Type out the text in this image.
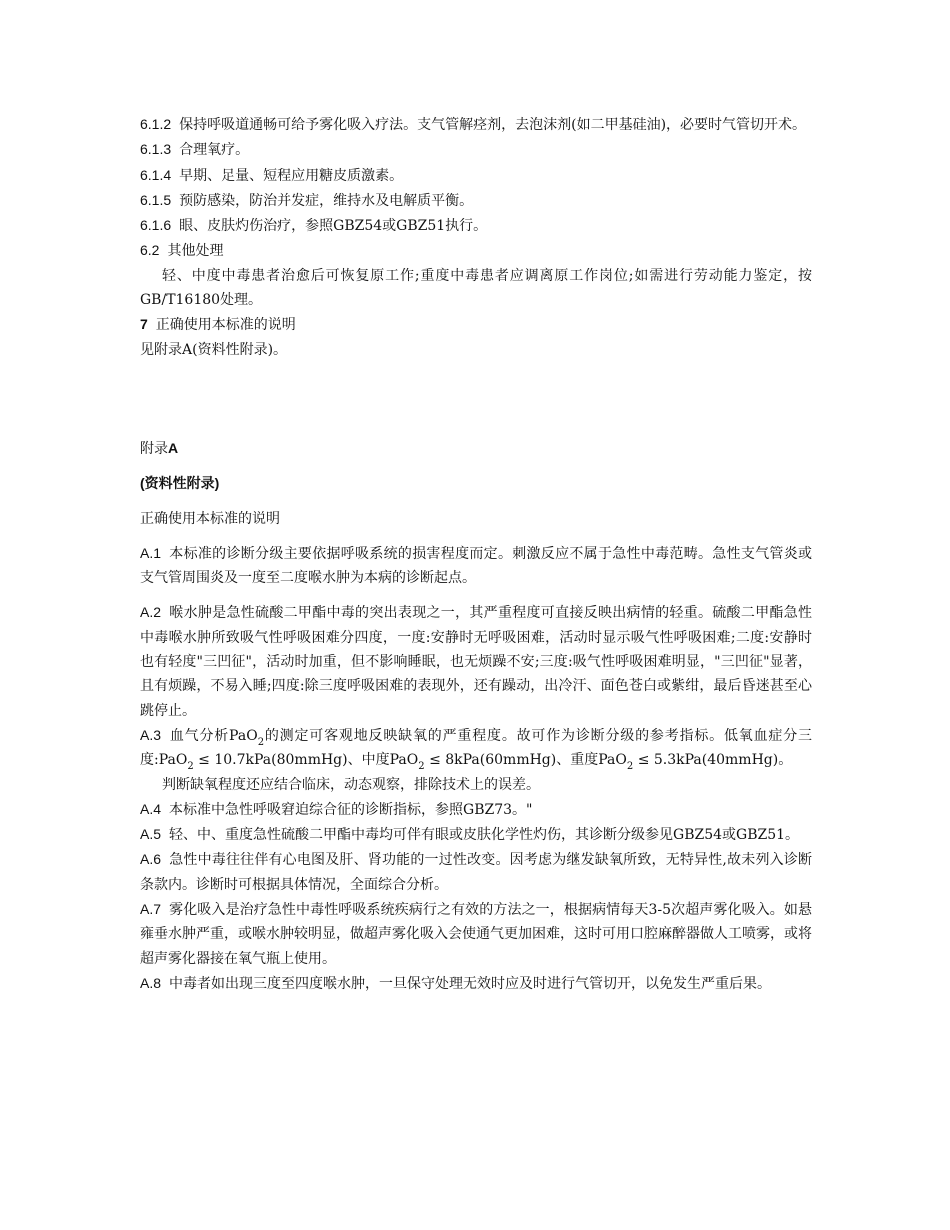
6.1.2 保持呼吸道通畅可给予雾化吸入疗法。支气管解痉剂，去泡沫剂(如二甲基硅油)，必要时气管切开术。
6.1.3 合理氧疗。
6.1.4 早期、足量、短程应用糖皮质激素。
6.1.5 预防感染，防治并发症，维持水及电解质平衡。
6.1.6 眼、皮肤灼伤治疗，参照GBZ54或GBZ51执行。
6.2 其他处理
轻、中度中毒患者治愈后可恢复原工作;重度中毒患者应调离原工作岗位;如需进行劳动能力鉴定，按GB/T16180处理。
7 正确使用本标准的说明
见附录A(资料性附录)。
附录A
(资料性附录)
正确使用本标准的说明
A.1 本标准的诊断分级主要依据呼吸系统的损害程度而定。刺激反应不属于急性中毒范畴。急性支气管炎或支气管周围炎及一度至二度喉水肿为本病的诊断起点。
A.2 喉水肿是急性硫酸二甲酯中毒的突出表现之一，其严重程度可直接反映出病情的轻重。硫酸二甲酯急性中毒喉水肿所致吸气性呼吸困难分四度，一度:安静时无呼吸困难，活动时显示吸气性呼吸困难;二度:安静时也有轻度"三凹征"，活动时加重，但不影响睡眠，也无烦躁不安;三度:吸气性呼吸困难明显，"三凹征"显著，且有烦躁，不易入睡;四度:除三度呼吸困难的表现外，还有躁动，出冷汗、面色苍白或紫绀，最后昏迷甚至心跳停止。
A.3 血气分析PaO$_2$的测定可客观地反映缺氧的严重程度。故可作为诊断分级的参考指标。低氧血症分三度:PaO$_2$ ≤ 10.7kPa(80mmHg)、中度PaO$_2$ ≤ 8kPa(60mmHg)、重度PaO$_2$ ≤ 5.3kPa(40mmHg)。
判断缺氧程度还应结合临床，动态观察，排除技术上的误差。
A.4 本标准中急性呼吸窘迫综合征的诊断指标，参照GBZ73。"
A.5 轻、中、重度急性硫酸二甲酯中毒均可伴有眼或皮肤化学性灼伤，其诊断分级参见GBZ54或GBZ51。
A.6 急性中毒往往伴有心电图及肝、肾功能的一过性改变。因考虑为继发缺氧所致，无特异性,故未列入诊断条款内。诊断时可根据具体情况，全面综合分析。
A.7 雾化吸入是治疗急性中毒性呼吸系统疾病行之有效的方法之一，根据病情每天3-5次超声雾化吸入。如悬雍垂水肿严重，或喉水肿较明显，做超声雾化吸入会使通气更加困难，这时可用口腔麻醉器做人工喷雾，或将超声雾化器接在氧气瓶上使用。
A.8 中毒者如出现三度至四度喉水肿，一旦保守处理无效时应及时进行气管切开，以免发生严重后果。
